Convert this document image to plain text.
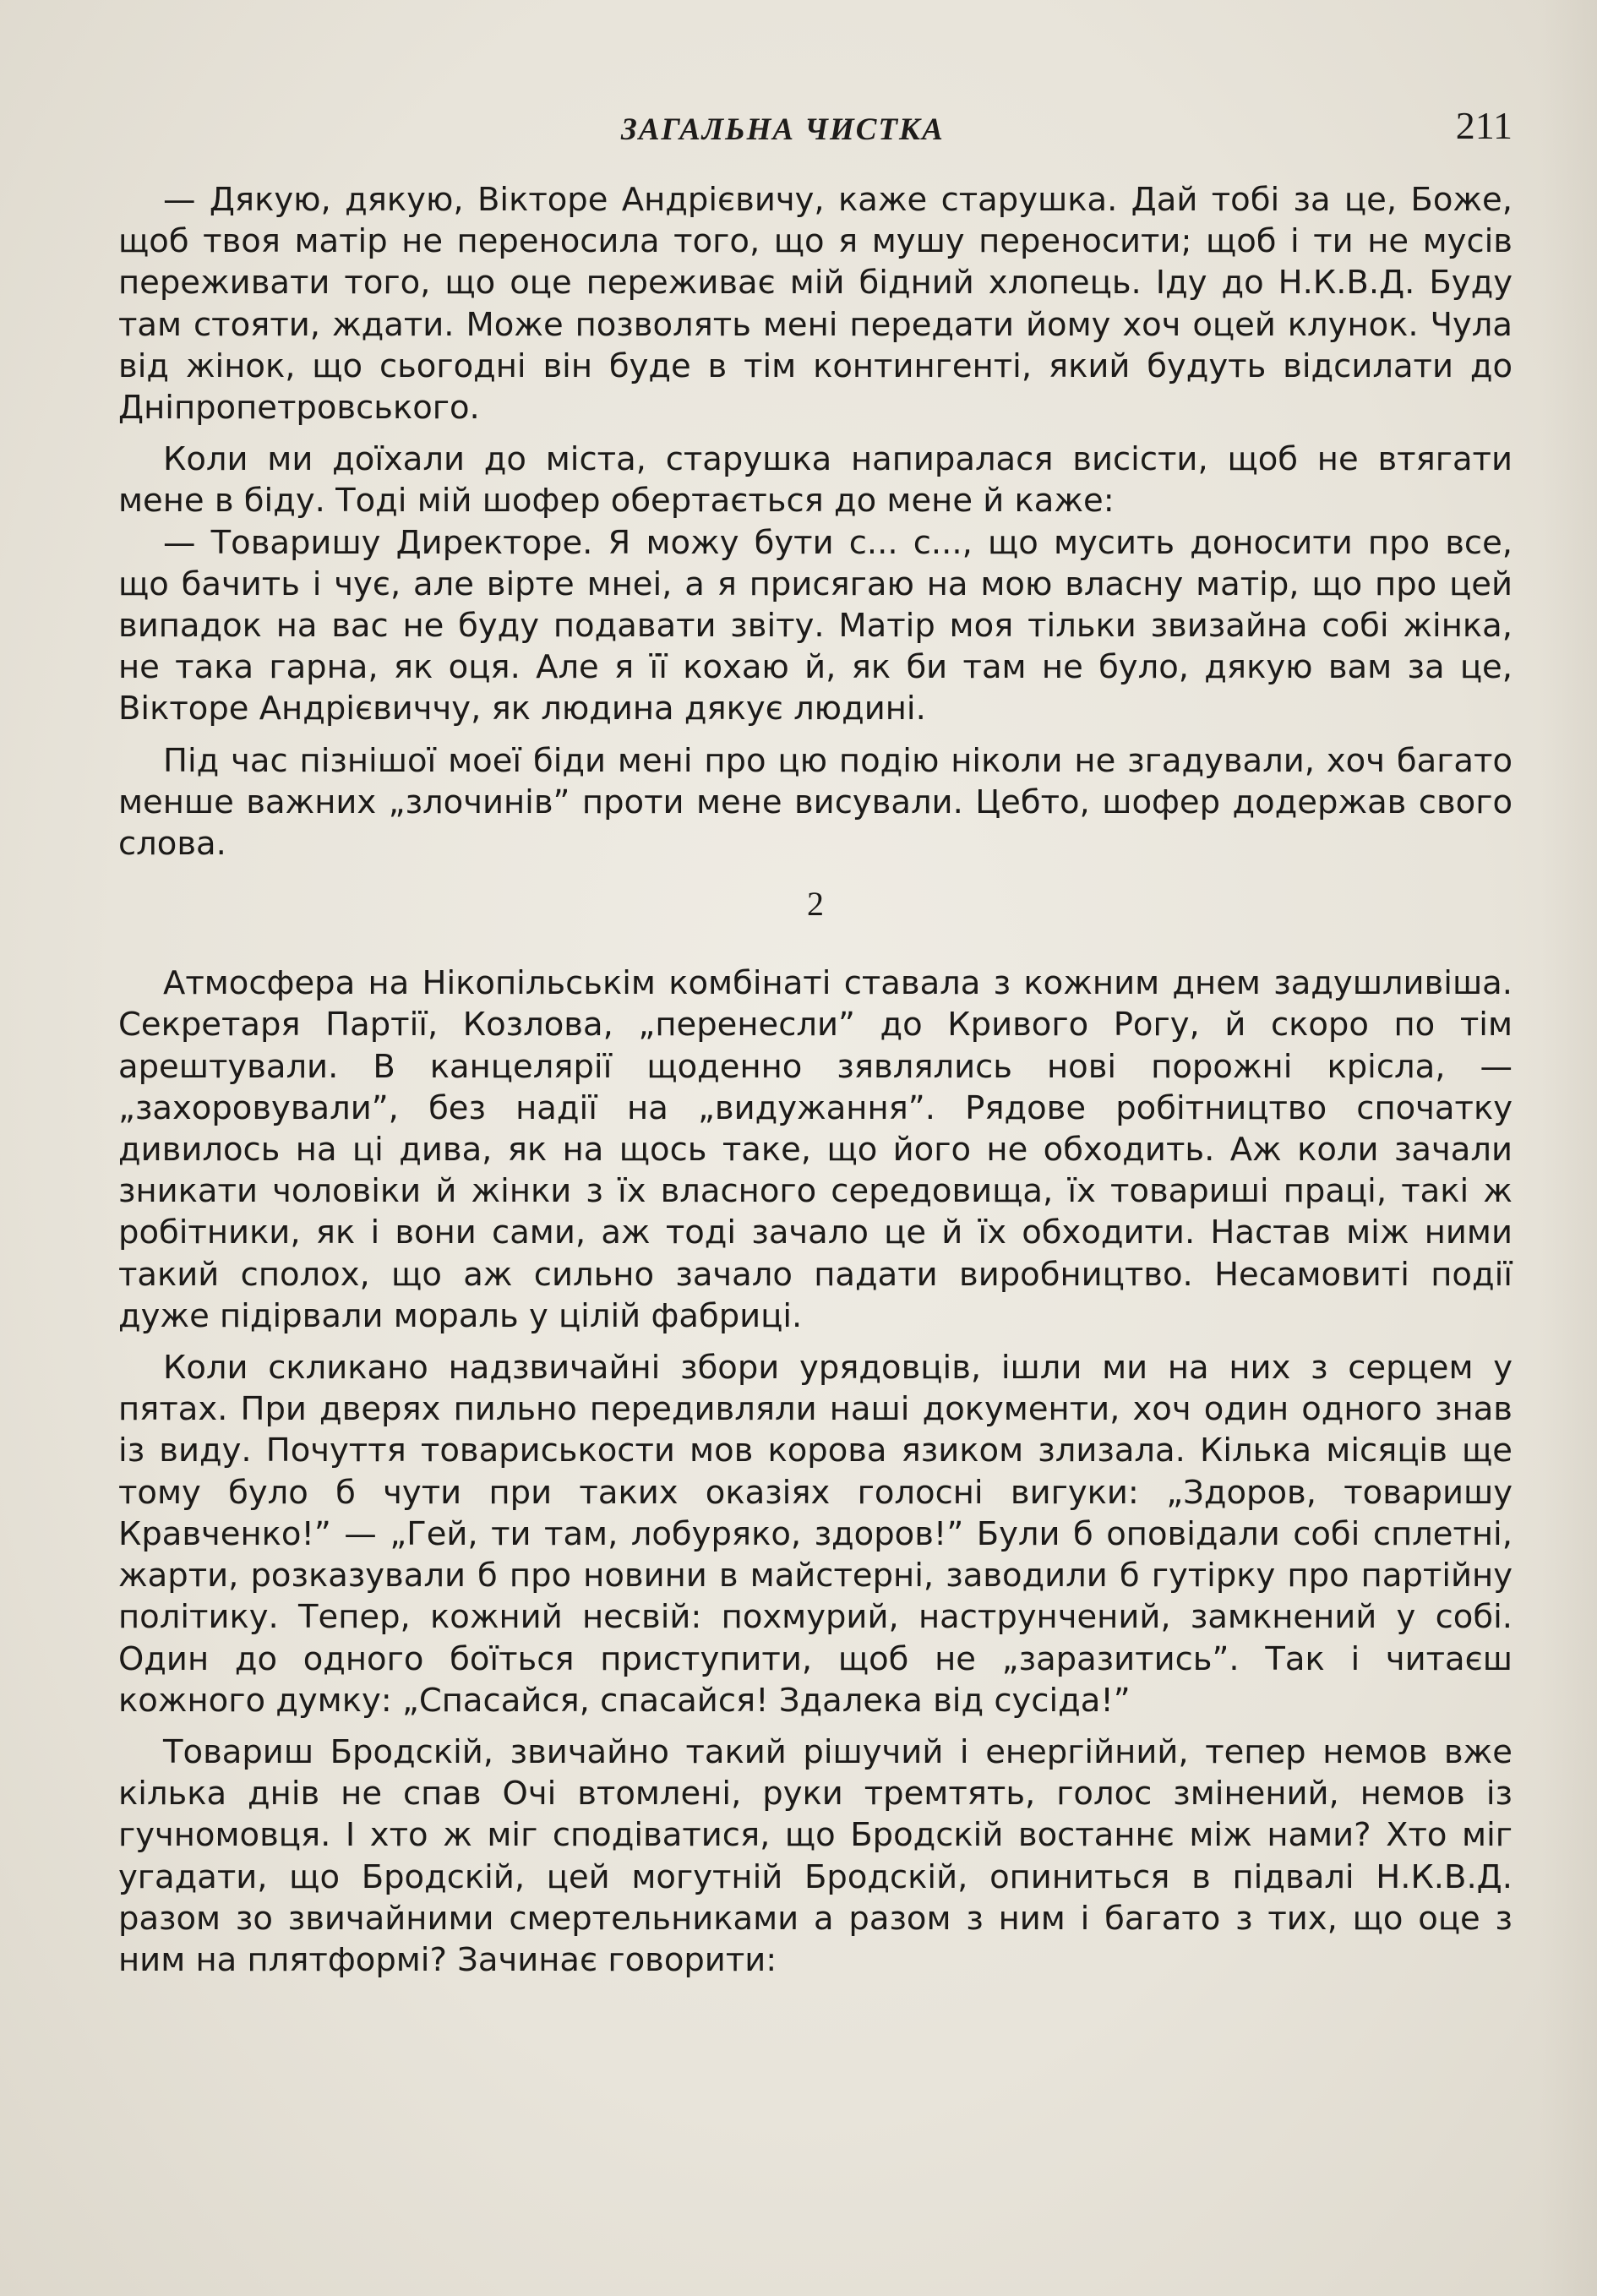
ЗАГАЛЬНА ЧИСТКА	211

— Дякую, дякую, Вікторе Андрієвичу, каже старушка. Дай тобі за це, Боже, щоб твоя матір не переносила того, що я мушу переносити; щоб і ти не мусів переживати того, що оце переживає мій бідний хлопець. Іду до Н.К.В.Д. Буду там стояти, ждати. Може позволять мені передати йому хоч оцей клунок. Чула від жінок, що сьогодні він буде в тім контингенті, який будуть відсилати до Дніпропетровського.

Коли ми доїхали до міста, старушка напиралася висісти, щоб не втягати мене в біду. Тоді мій шофер обертається до мене й каже:

— Товаришу Директоре. Я можу бути с... с..., що мусить доносити про все, що бачить і чує, але вірте мнеі, а я присягаю на мою власну матір, що про цей випадок на вас не буду подавати звіту. Матір моя тільки звизайна собі жінка, не така гарна, як оця. Але я її кохаю й, як би там не було, дякую вам за це, Вікторе Андрієвиччу, як людина дякує людині.

Під час пізнішої моеї біди мені про цю подію ніколи не згадували, хоч багато менше важних „злочинів” проти мене висували. Цебто, шофер додержав свого слова.

2

Атмосфера на Нікопільськім комбінаті ставала з кожним днем задушливіша. Секретаря Партії, Козлова, „перенесли” до Кривого Рогу, й скоро по тім арештували. В канцелярії щоденно зявлялись нові порожні крісла, — „захоровували”, без надії на „видужання”. Рядове робітництво спочатку дивилось на ці дива, як на щось таке, що його не обходить. Аж коли зачали зникати чоловіки й жінки з їх власного середовища, їх товариші праці, такі ж робітники, як і вони сами, аж тоді зачало це й їх обходити. Настав між ними такий сполох, що аж сильно зачало падати виробництво. Несамовиті події дуже підірвали мораль у цілій фабриці.

Коли скликано надзвичайні збори урядовців, ішли ми на них з серцем у пятах. При дверях пильно передивляли наші документи, хоч один одного знав із виду. Почуття товариськости мов корова язиком злизала. Кілька місяців ще тому було б чути при таких оказіях голосні вигуки: „Здоров, товаришу Кравченко!” — „Гей, ти там, лобуряко, здоров!” Були б оповідали собі сплетні, жарти, розказували б про новини в майстерні, заводили б гутірку про партійну політику. Тепер, кожний несвій: похмурий, наструнчений, замкнений у собі. Один до одного боїться приступити, щоб не „заразитись”. Так і читаєш кожного думку: „Спасайся, спасайся! Здалека від сусіда!”

Товариш Бродскій, звичайно такий рішучий і енергійний, тепер немов вже кілька днів не спав Очі втомлені, руки тремтять, голос змінений, немов із гучномовця. І хто ж міг сподіватися, що Бродскій востаннє між нами? Хто міг угадати, що Бродскій, цей могутній Бродскій, опиниться в підвалі Н.К.В.Д. разом зо звичайними смертельниками а разом з ним і багато з тих, що оце з ним на плятформі? Зачинає говорити:
